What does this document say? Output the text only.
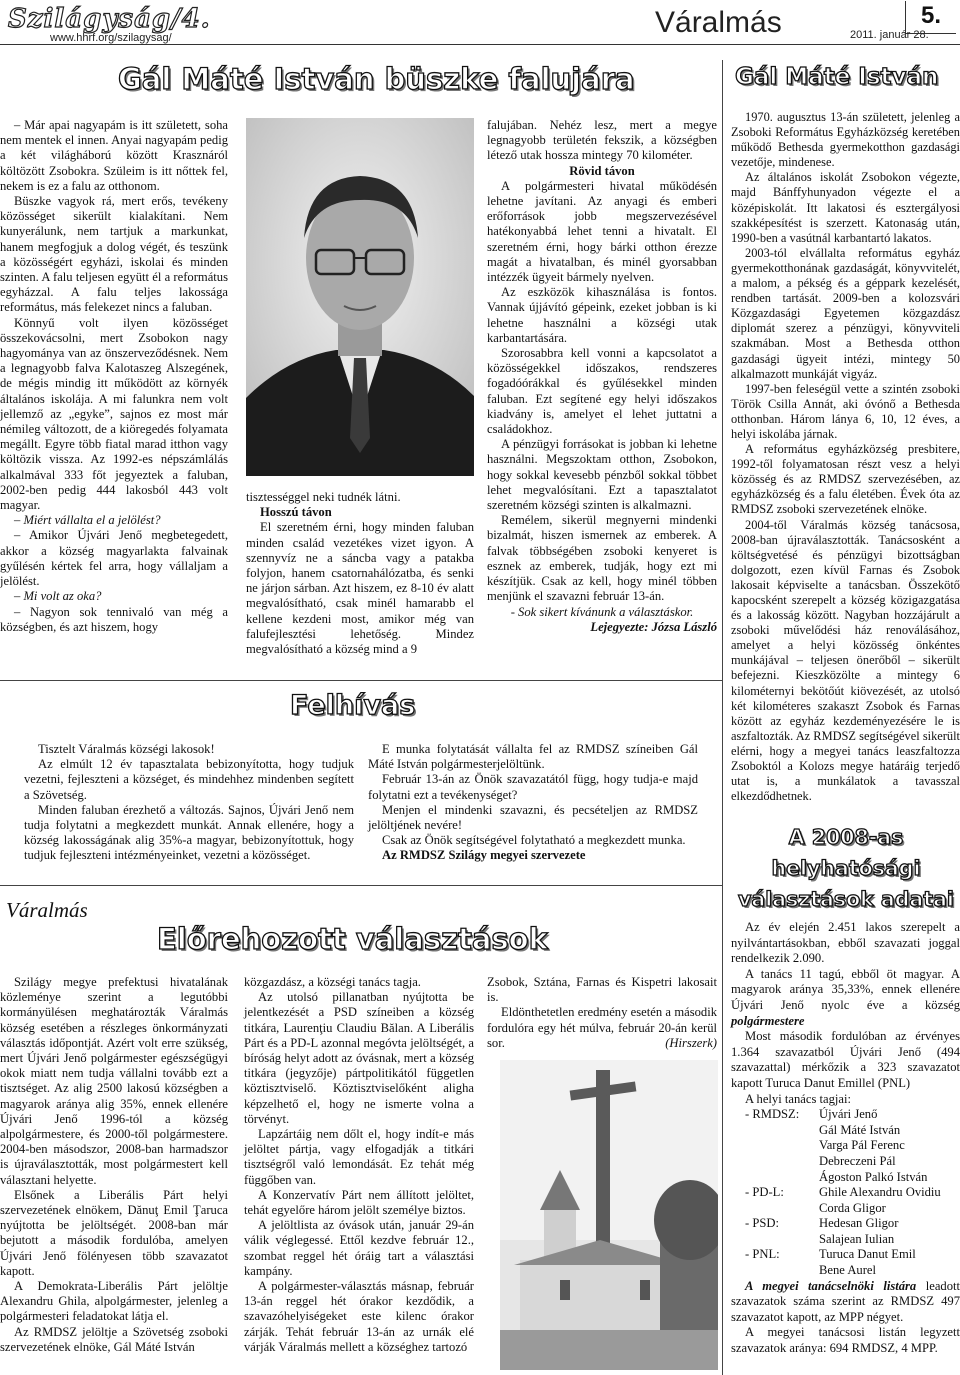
Szilágyság/4.
www.hhrf.org/szilagysag/	Váralmás	5.
2011. január 28.
Gál Máté István büszke falujára

– Már apai nagyapám is itt született, soha nem mentek el innen. Anyai nagyapám pedig a két világháború között Krasznáról költözött Zsobokra. Szüleim is itt nőttek fel, nekem is ez a falu az otthonom.

Büszke vagyok rá, mert erős, tevékeny közösséget sikerült kialakítani. Nem kunyerálunk, nem tartjuk a markunkat, hanem megfogjuk a dolog végét, és teszünk a közösségért egyházi, iskolai és minden szinten. A falu teljesen együtt él a református egyházzal. A falu teljes lakossága református, más felekezet nincs a faluban.

Könnyű volt ilyen közösséget összekovácsolni, mert Zsobokon nagy hagyománya van az önszerveződésnek. Nem a legnagyobb falva Kalotaszeg Alszegének, de mégis mindig itt működött az környék általános iskolája. A mi falunkra nem volt jellemző az „egyke”, sajnos ez most már némileg változott, de a kiöregedés folyamata megállt. Egyre több fiatal marad itthon vagy költözik vissza. Az 1992-es népszámlálás alkalmával 333 főt jegyeztek a faluban, 2002-ben pedig 444 lakosból 443 volt magyar.

– Miért vállalta el a jelölést?

– Amikor Újvári Jenő megbetegedett, akkor a község magyarlakta falvainak gyűlésén kértek fel arra, hogy vállaljam a jelölést.

– Mi volt az oka?

– Nagyon sok tennivaló van még a községben, és azt hiszem, hogy

tisztességgel neki tudnék látni.

Hosszú távon

El szeretném érni, hogy minden faluban minden család vezetékes vizet igyon. A szennyvíz ne a sáncba vagy a patakba folyjon, hanem csatornahálózatba, és senki ne járjon sárban. Azt hiszem, ez 8-10 év alatt megvalósítható, csak minél hamarabb el kellene kezdeni most, amikor még van falufejlesztési lehetőség. Mindez megvalósítható a község mind a 9

falujában. Nehéz lesz, mert a megye legnagyobb területén fekszik, a községben létező utak hossza mintegy 70 kilométer.

Rövid távon

A polgármesteri hivatal működésén lehetne javítani. Az anyagi és emberi erőforrások jobb megszervezésével hatékonyabbá lehet tenni a hivatalt. El szeretném érni, hogy bárki otthon érezze magát a hivatalban, és minél gyorsabban intézzék ügyeit bármely nyelven.

Az eszközök kihasználása is fontos. Vannak újjávító gépeink, ezeket jobban is ki lehetne használni a községi utak karbantartására.

Szorosabbra kell vonni a kapcsolatot a közösségekkel időszakos, rendszeres fogadóórákkal és gyűlésekkel minden faluban. Ezt segítené egy helyi időszakos kiadvány is, amelyet el lehet juttatni a családokhoz.

A pénzügyi forrásokat is jobban ki lehetne használni. Megszoktam otthon, Zsobokon, hogy sokkal kevesebb pénzből sokkal többet lehet megvalósítani. Ezt a tapasztalatot szeretném községi szinten is alkalmazni.

Remélem, sikerül megnyerni mindenki bizalmát, hiszen ismernek az emberek. A falvak többségében zsoboki kenyeret is esznek az emberek, tudják, hogy ezt mi készítjük. Csak az kell, hogy minél többen menjünk el szavazni február 13-án.

- Sok sikert kívánunk a választáskor.

Lejegyezte: Józsa László

Gál Máté István

1970. augusztus 13-án született, jelenleg a Zsoboki Református Egyházközség keretében működő Bethesda gyermekotthon gazdasági vezetője, mindenese.

Az általános iskolát Zsobokon végezte, majd Bánffyhunyadon végezte el a középiskolát. Itt lakatosi és esztergályosi szakképesítést is szerzett. Katonaság után, 1990-ben a vasútnál karbantartó lakatos.

2003-tól elvállalta református egyház gyermekotthonának gazdaságát, könyvvitelét, a malom, a pékség és a géppark kezelését, rendben tartását. 2009-ben a kolozsvári Közgazdasági Egyetemen közgazdász diplomát szerez a pénzügyi, könyvviteli szakmában. Most a Bethesda otthon gazdasági ügyeit intézi, mintegy 50 alkalmazott munkáját vigyáz.

1997-ben feleségül vette a szintén zsoboki Török Csilla Annát, aki óvónő a Bethesda otthonban. Három lánya 6, 10, 12 éves, a helyi iskolába járnak.

A református egyházközség presbitere, 1992-től folyamatosan részt vesz a helyi közösség és az RMDSZ szervezésében, az egyházközség és a falu életében. Évek óta az RMDSZ zsoboki szervezetének elnöke.

2004-től Váralmás község tanácsosa, 2008-ban újraválasztották. Tanácsosként a költségvetésé és pénzügyi bizottságban dolgozott, ezen kívül Farnas és Zsobok lakosait képviselte a tanácsban. Összekötő kapocsként szerepelt a község közigazgatása és a lakosság között. Nagyban hozzájárult a zsoboki művelődési ház renoválásához, amelyet a helyi közösség önkéntes munkájával – teljesen önerőből – sikerült befejezni. Kieszközölte a mintegy 6 kilométernyi bekötőút kiövezését, az utolsó két kilométeres szakaszt Zsobok és Farnas között az egyház kezdeményezésére le is aszfaltozták. Az RMDSZ segítségével sikerült elérni, hogy a megyei tanács leaszfaltozza Zsoboktól a Kolozs megye határáig terjedő utat is, a munkálatok a tavasszal elkezdődhetnek.

Felhívás

Tisztelt Váralmás községi lakosok!

Az elmúlt 12 év tapasztalata bebizonyította, hogy tudjuk vezetni, fejleszteni a községet, és mindehhez mindenben segített a Szövetség.

Minden faluban érezhető a változás. Sajnos, Újvári Jenő nem tudja folytatni a megkezdett munkát. Annak ellenére, hogy a község lakosságának alig 35%-a magyar, bebizonyítottuk, hogy tudjuk fejleszteni intézményeinket, vezetni a közösséget.

E munka folytatását vállalta fel az RMDSZ színeiben Gál Máté István polgármesterjelöltünk.

Február 13-án az Önök szavazatától függ, hogy tudja-e majd folytatni ezt a tevékenységet?

Menjen el mindenki szavazni, és pecsételjen az RMDSZ jelöltjének nevére!

Csak az Önök segítségével folytatható a megkezdett munka.

Az RMDSZ Szilágy megyei szervezete

Váralmás
Előrehozott választások

Szilágy megye prefektusi hivatalának közleménye szerint a legutóbbi kormányülésen meghatározták Váralmás község esetében a részleges önkormányzati választás időpontját. Azért volt erre szükség, mert Újvári Jenő polgármester egészségügyi okok miatt nem tudja vállalni tovább ezt a tisztséget. Az alig 2500 lakosú községben a magyarok aránya alig 35%, ennek ellenére Újvári Jenő 1996-tól a község alpolgármestere, és 2000-től polgármestere. 2004-ben másodszor, 2008-ban harmadszor is újraválasztották, most polgármestert kell választani helyette.

Elsőnek a Liberális Párt helyi szervezetének elnökem, Dănuţ Emil Ţaruca nyújtotta be jelöltségét. 2008-ban már bejutott a második fordulóba, amelyen Újvári Jenő fölényesen több szavazatot kapott.

A Demokrata-Liberális Párt jelöltje Alexandru Ghila, alpolgármester, jelenleg a polgármesteri feladatokat látja el.

Az RMDSZ jelöltje a Szövetség zsoboki szervezetének elnöke, Gál Máté István

közgazdász, a községi tanács tagja.

Az utolsó pillanatban nyújtotta be jelentkezését a PSD színeiben a község titkára, Laurenţiu Claudiu Bălan. A Liberális Párt és a PD-L azonnal megóvta jelöltségét, a bíróság helyt adott az óvásnak, mert a község titkára (jegyzője) pártpolitikától független köztisztviselő. Köztisztviselőként aligha képzelhető el, hogy ne ismerte volna a törvényt.

Lapzártáig nem dőlt el, hogy indít-e más jelöltet pártja, vagy elfogadják a titkári tisztségről való lemondását. Ez tehát még függőben van.

A Konzervatív Párt nem állított jelöltet, tehát egyelőre három jelölt személye biztos.

A jelöltlista az óvások után, január 29-án válik véglegessé. Ettől kezdve február 12., szombat reggel hét óráig tart a választási kampány.

A polgármester-választás másnap, február 13-án reggel hét órakor kezdődik, a szavazóhelyiségeket este kilenc órakor zárják. Tehát február 13-án az urnák elé várják Váralmás mellett a községhez tartozó

Zsobok, Sztána, Farnas és Kispetri lakosait is.

Eldönthetetlen eredmény esetén a második fordulóra egy hét múlva, február 20-án kerül sor.	(Hirszerk)

A 2008-as helyhatósági választások adatai

Az év elején 2.451 lakos szerepelt a nyilvántartásokban, ebből szavazati joggal rendelkezik 2.090.

A tanács 11 tagú, ebből öt magyar. A magyarok aránya 35,33%, ennek ellenére Újvári Jenő nyolc éve a község polgármestere

Most második fordulóban az érvényes 1.364 szavazatból Újvári Jenő (494 szavazattal) mérkőzik a 323 szavazatot kapott Turuca Danut Emillel (PNL)

A helyi tanács tagjai:

- RMDSZ:	Újvári Jenő
	Gál Máté István
	Varga Pál Ferenc
	Debreczeni Pál
	Ágoston Palkó István
- PD-L:	Ghile Alexandru Ovidiu
	Corda Gligor
- PSD:	Hedesan Gligor
	Salajean Iulian
- PNL:	Turuca Danut Emil
	Bene Aurel

A megyei tanácselnöki listára leadott szavazatok száma szerint az RMDSZ 497 szavazatot kapott, az MPP négyet.

A megyei tanácsosi listán legyzett szavazatok aránya: 694 RMDSZ, 4 MPP.
